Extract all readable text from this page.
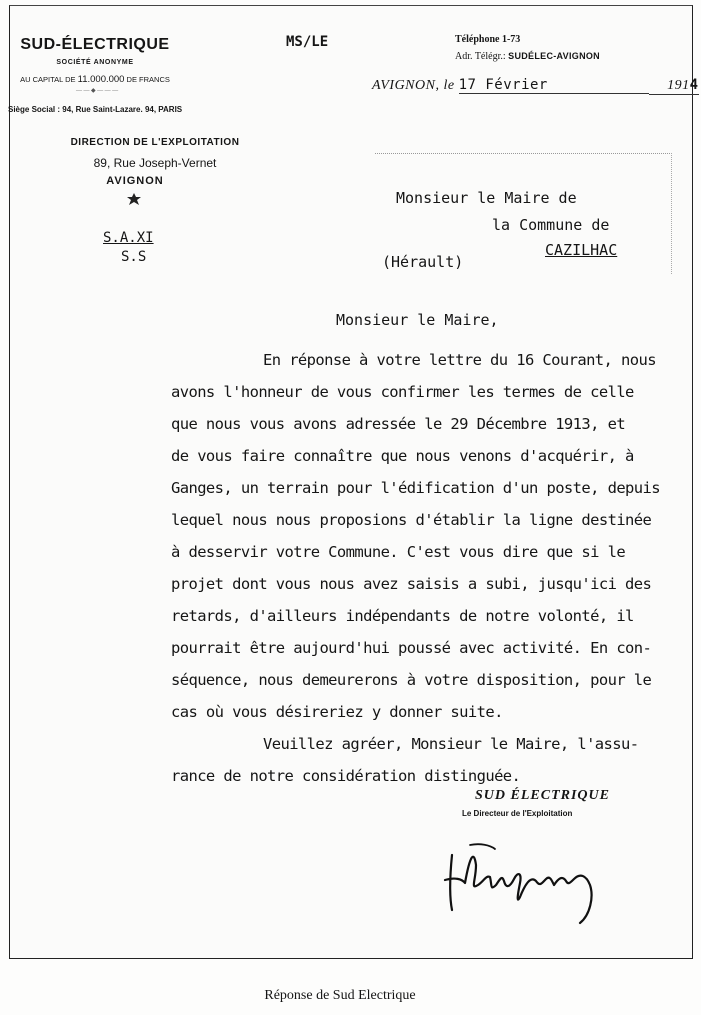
SUD-ÉLECTRIQUE
SOCIÉTÉ ANONYME
AU CAPITAL DE 11.000.000 DE FRANCS
— — ◆ — — —
Siège Social : 94, Rue Saint-Lazare. 94, PARIS
DIRECTION DE L'EXPLOITATION
89, Rue Joseph-Vernet
AVIGNON
S.A.XI
S.S
MS/LE	Téléphone 1-73
Adr. Télégr.: SUDÉLEC-AVIGNON
AVIGNON, le 17 Février	1914
Monsieur le Maire de
la Commune de
CAZILHAC
(Hérault)
Monsieur le Maire,
En réponse à votre lettre du 16 Courant, nous
avons l'honneur de vous confirmer les termes de celle
que nous vous avons adressée le 29 Décembre 1913, et
de vous faire connaître que nous venons d'acquérir, à
Ganges, un terrain pour l'édification d'un poste, depuis
lequel nous nous proposions d'établir la ligne destinée
à desservir votre Commune. C'est vous dire que si le
projet dont vous nous avez saisis a subi, jusqu'ici des
retards, d'ailleurs indépendants de notre volonté, il
pourrait être aujourd'hui poussé avec activité. En con-
séquence, nous demeurerons à votre disposition, pour le
cas où vous désireriez y donner suite.
Veuillez agréer, Monsieur le Maire, l'assu-
rance de notre considération distinguée.
SUD ÉLECTRIQUE
Le Directeur de l'Exploitation
Réponse de Sud Electrique
